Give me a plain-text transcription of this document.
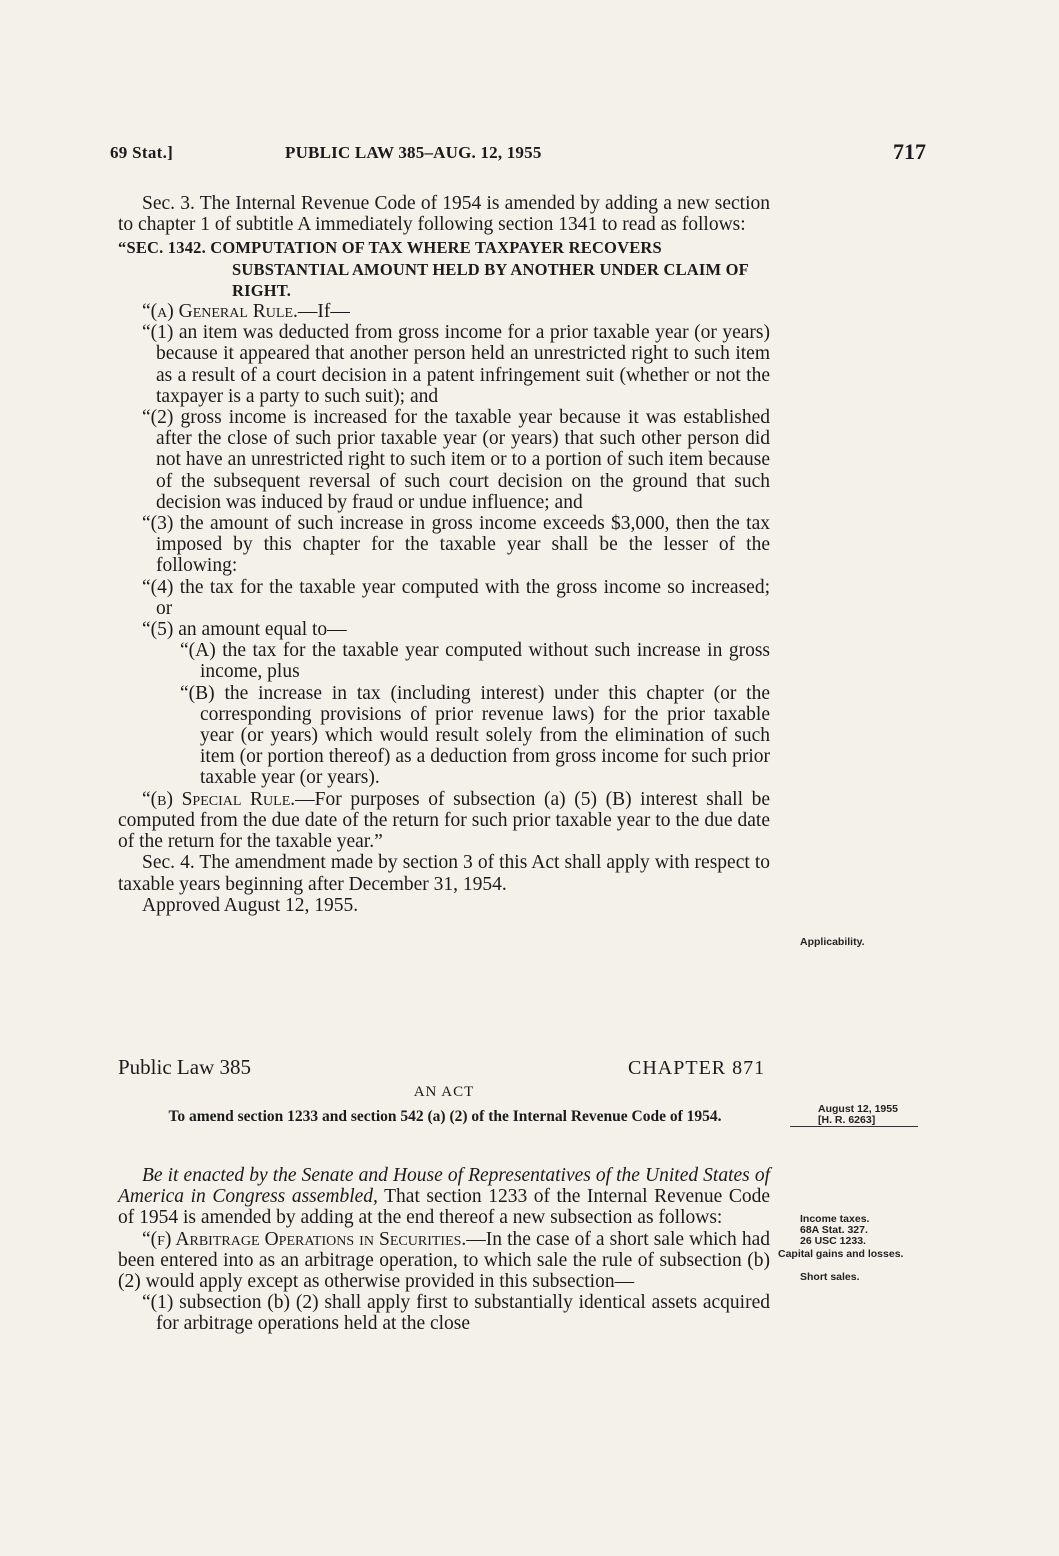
69 Stat.]	PUBLIC LAW 385–AUG. 12, 1955	717

Sec. 3. The Internal Revenue Code of 1954 is amended by adding a new section to chapter 1 of subtitle A immediately following section 1341 to read as follows:

“SEC. 1342. COMPUTATION OF TAX WHERE TAXPAYER RECOVERS SUBSTANTIAL AMOUNT HELD BY ANOTHER UNDER CLAIM OF RIGHT.

“(a) General Rule.—If—

“(1) an item was deducted from gross income for a prior taxable year (or years) because it appeared that another person held an unrestricted right to such item as a result of a court decision in a patent infringement suit (whether or not the taxpayer is a party to such suit); and

“(2) gross income is increased for the taxable year because it was established after the close of such prior taxable year (or years) that such other person did not have an unrestricted right to such item or to a portion of such item because of the subsequent reversal of such court decision on the ground that such decision was induced by fraud or undue influence; and

“(3) the amount of such increase in gross income exceeds $3,000, then the tax imposed by this chapter for the taxable year shall be the lesser of the following:

“(4) the tax for the taxable year computed with the gross income so increased; or

“(5) an amount equal to—

“(A) the tax for the taxable year computed without such increase in gross income, plus

“(B) the increase in tax (including interest) under this chapter (or the corresponding provisions of prior revenue laws) for the prior taxable year (or years) which would result solely from the elimination of such item (or portion thereof) as a deduction from gross income for such prior taxable year (or years).

“(b) Special Rule.—For purposes of subsection (a) (5) (B) interest shall be computed from the due date of the return for such prior taxable year to the due date of the return for the taxable year.”

Sec. 4. The amendment made by section 3 of this Act shall apply with respect to taxable years beginning after December 31, 1954.

Approved August 12, 1955.

Applicability.
Public Law 385	CHAPTER 871
AN ACT
To amend section 1233 and section 542 (a) (2) of the Internal Revenue Code of 1954.	August 12, 1955
[H. R. 6263]

Be it enacted by the Senate and House of Representatives of the United States of America in Congress assembled, That section 1233 of the Internal Revenue Code of 1954 is amended by adding at the end thereof a new subsection as follows:

“(f) Arbitrage Operations in Securities.—In the case of a short sale which had been entered into as an arbitrage operation, to which sale the rule of subsection (b) (2) would apply except as otherwise provided in this subsection—

“(1) subsection (b) (2) shall apply first to substantially identical assets acquired for arbitrage operations held at the close

Income taxes.
68A Stat. 327.
26 USC 1233.
Capital gains and losses.
Short sales.
